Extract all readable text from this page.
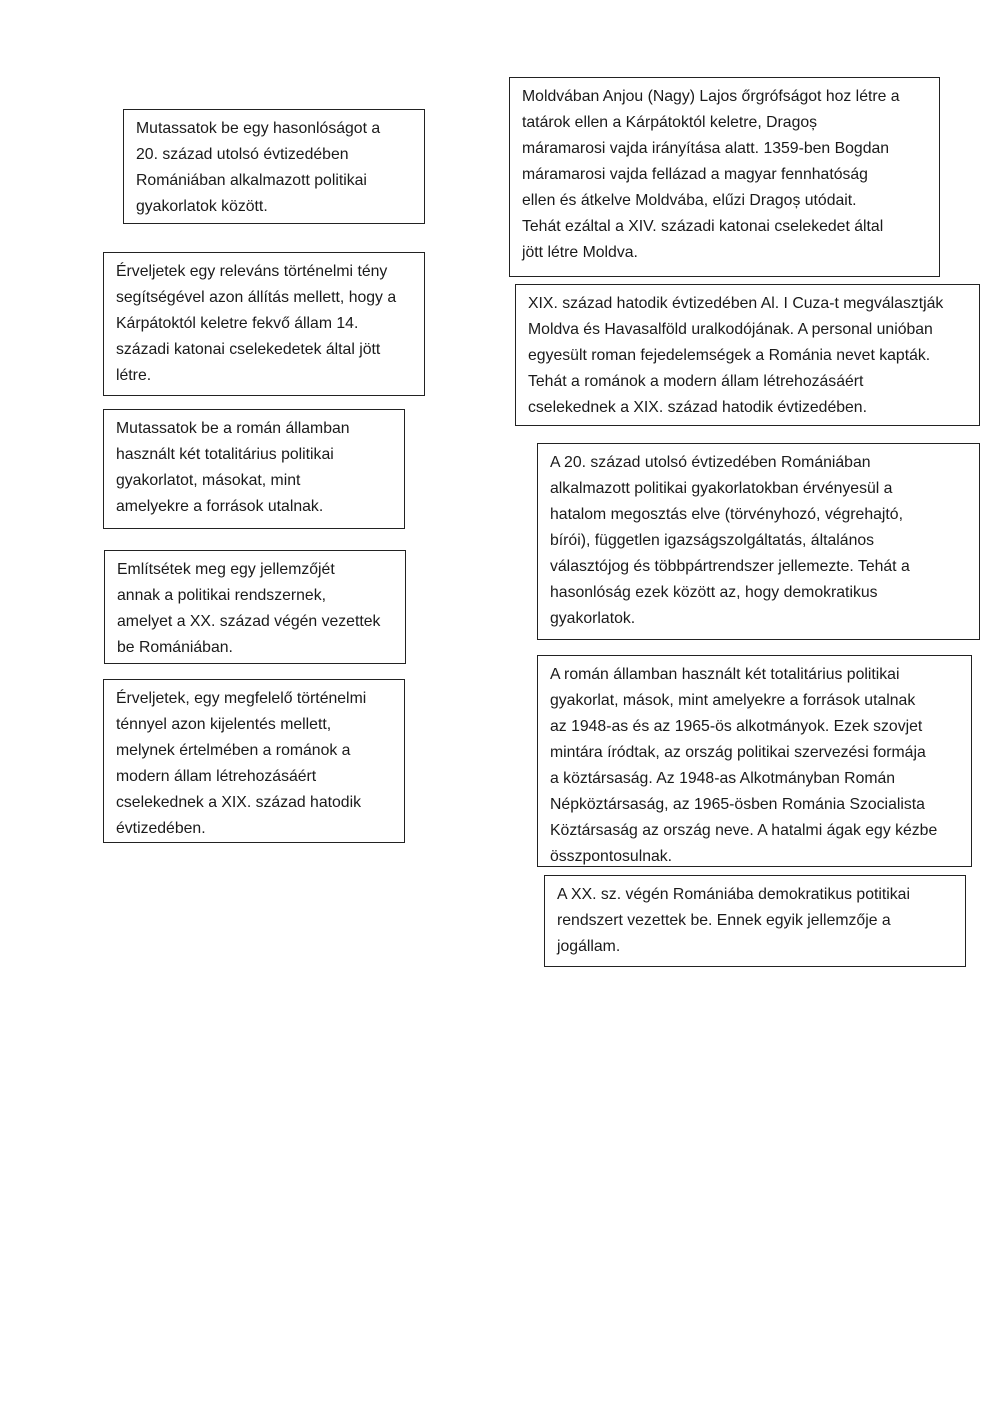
Mutassatok be egy hasonlóságot a
20. század utolsó évtizedében
Romániában alkalmazott politikai
gyakorlatok között.

Érveljetek egy releváns történelmi tény
segítségével azon állítás mellett, hogy a
Kárpátoktól keletre fekvő állam 14.
századi katonai cselekedetek által jött
létre.

Mutassatok be a román államban
használt két totalitárius politikai
gyakorlatot, másokat, mint
amelyekre a források utalnak.

Említsétek meg egy jellemzőjét
annak a politikai rendszernek,
amelyet a XX. század végén vezettek
be Romániában.

Érveljetek, egy megfelelő történelmi
ténnyel azon kijelentés mellett,
melynek értelmében a románok a
modern állam létrehozásáért
cselekednek a XIX. század hatodik
évtizedében.

Moldvában Anjou (Nagy) Lajos őrgrófságot hoz létre a
tatárok ellen a Kárpátoktól keletre, Dragoș
máramarosi vajda irányítása alatt. 1359-ben Bogdan
máramarosi vajda fellázad a magyar fennhatóság
ellen és átkelve Moldvába, elűzi Dragoș utódait.
Tehát ezáltal a XIV. századi katonai cselekedet által
jött létre Moldva.

XIX. század hatodik évtizedében Al. I Cuza-t megválasztják
Moldva és Havasalföld uralkodójának. A personal unióban
egyesült roman fejedelemségek a Románia nevet kapták.
Tehát a románok a modern állam létrehozásáért
cselekednek a XIX. század hatodik évtizedében.

A 20. század utolsó évtizedében Romániában
alkalmazott politikai gyakorlatokban érvényesül a
hatalom megosztás elve (törvényhozó, végrehajtó,
bírói), független igazságszolgáltatás, általános
választójog és többpártrendszer jellemezte. Tehát a
hasonlóság ezek között az, hogy demokratikus
gyakorlatok.

A román államban használt két totalitárius politikai
gyakorlat, mások, mint amelyekre a források utalnak
az 1948-as és az 1965-ös alkotmányok. Ezek szovjet
mintára íródtak, az ország politikai szervezési formája
a köztársaság. Az 1948-as Alkotmányban Román
Népköztársaság, az 1965-ösben Románia Szocialista
Köztársaság az ország neve. A hatalmi ágak egy kézbe
összpontosulnak.

A XX. sz. végén Romániába demokratikus potitikai
rendszert vezettek be. Ennek egyik jellemzője a
jogállam.
